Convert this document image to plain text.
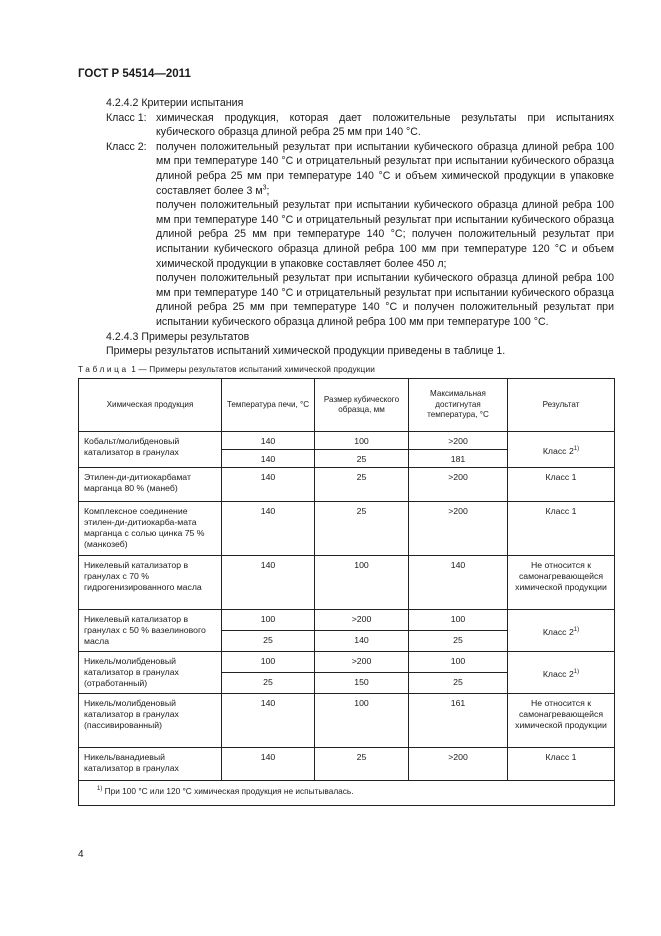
ГОСТ Р 54514—2011

4.2.4.2 Критерии испытания

Класс 1: химическая продукция, которая дает положительные результаты при испытаниях кубического образца длиной ребра 25 мм при 140 °С.

Класс 2: получен положительный результат при испытании кубического образца длиной ребра 100 мм при температуре 140 °С и отрицательный результат при испытании кубического образца длиной ребра 25 мм при температуре 140 °С и объем химической продукции в упаковке составляет более 3 $м^3$;

получен положительный результат при испытании кубического образца длиной ребра 100 мм при температуре 140 °С и отрицательный результат при испытании кубического образца длиной ребра 25 мм при температуре 140 °С; получен положительный результат при испытании кубического образца длиной ребра 100 мм при температуре 120 °С и объем химической продукции в упаковке составляет более 450 л;

получен положительный результат при испытании кубического образца длиной ребра 100 мм при температуре 140 °С и отрицательный результат при испытании кубического образца длиной ребра 25 мм при температуре 140 °С и получен положительный результат при испытании кубического образца длиной ребра 100 мм при температуре 100 °С.

4.2.4.3 Примеры результатов

Примеры результатов испытаний химической продукции приведены в таблице 1.

Таблица 1 — Примеры результатов испытаний химической продукции
Химическая продукция	Температура печи, °С	Размер кубического образца, мм	Максимальная достигнутая температура, °С	Результат
Кобальт/молибденовый катализатор в гранулах	140	100	>200	Класс 2$^{1)}$
	140	25	181	
Этилен-ди-дитиокарбамат марганца 80 % (манеб)	140	25	>200	Класс 1
Комплексное соединение этилен-ди-дитиокарба-мата марганца с солью цинка 75 % (манкозеб)	140	25	>200	Класс 1
Никелевый катализатор в гранулах с 70 % гидрогенизированного масла	140	100	140	Не относится к самонагревающейся химической продукции
Никелевый катализатор в гранулах с 50 % вазелинового масла	100	>200	100	Класс 2$^{1)}$
	25	140	25	
Никель/молибденовый катализатор в гранулах (отработанный)	100	>200	100	Класс 2$^{1)}$
	25	150	25	
Никель/молибденовый катализатор в гранулах (пассивированный)	140	100	161	Не относится к самонагревающейся химической продукции
Никель/ванадиевый катализатор в гранулах	140	25	>200	Класс 1
$^{1)}$ При 100 °С или 120 °С химическая продукция не испытывалась.				
4
